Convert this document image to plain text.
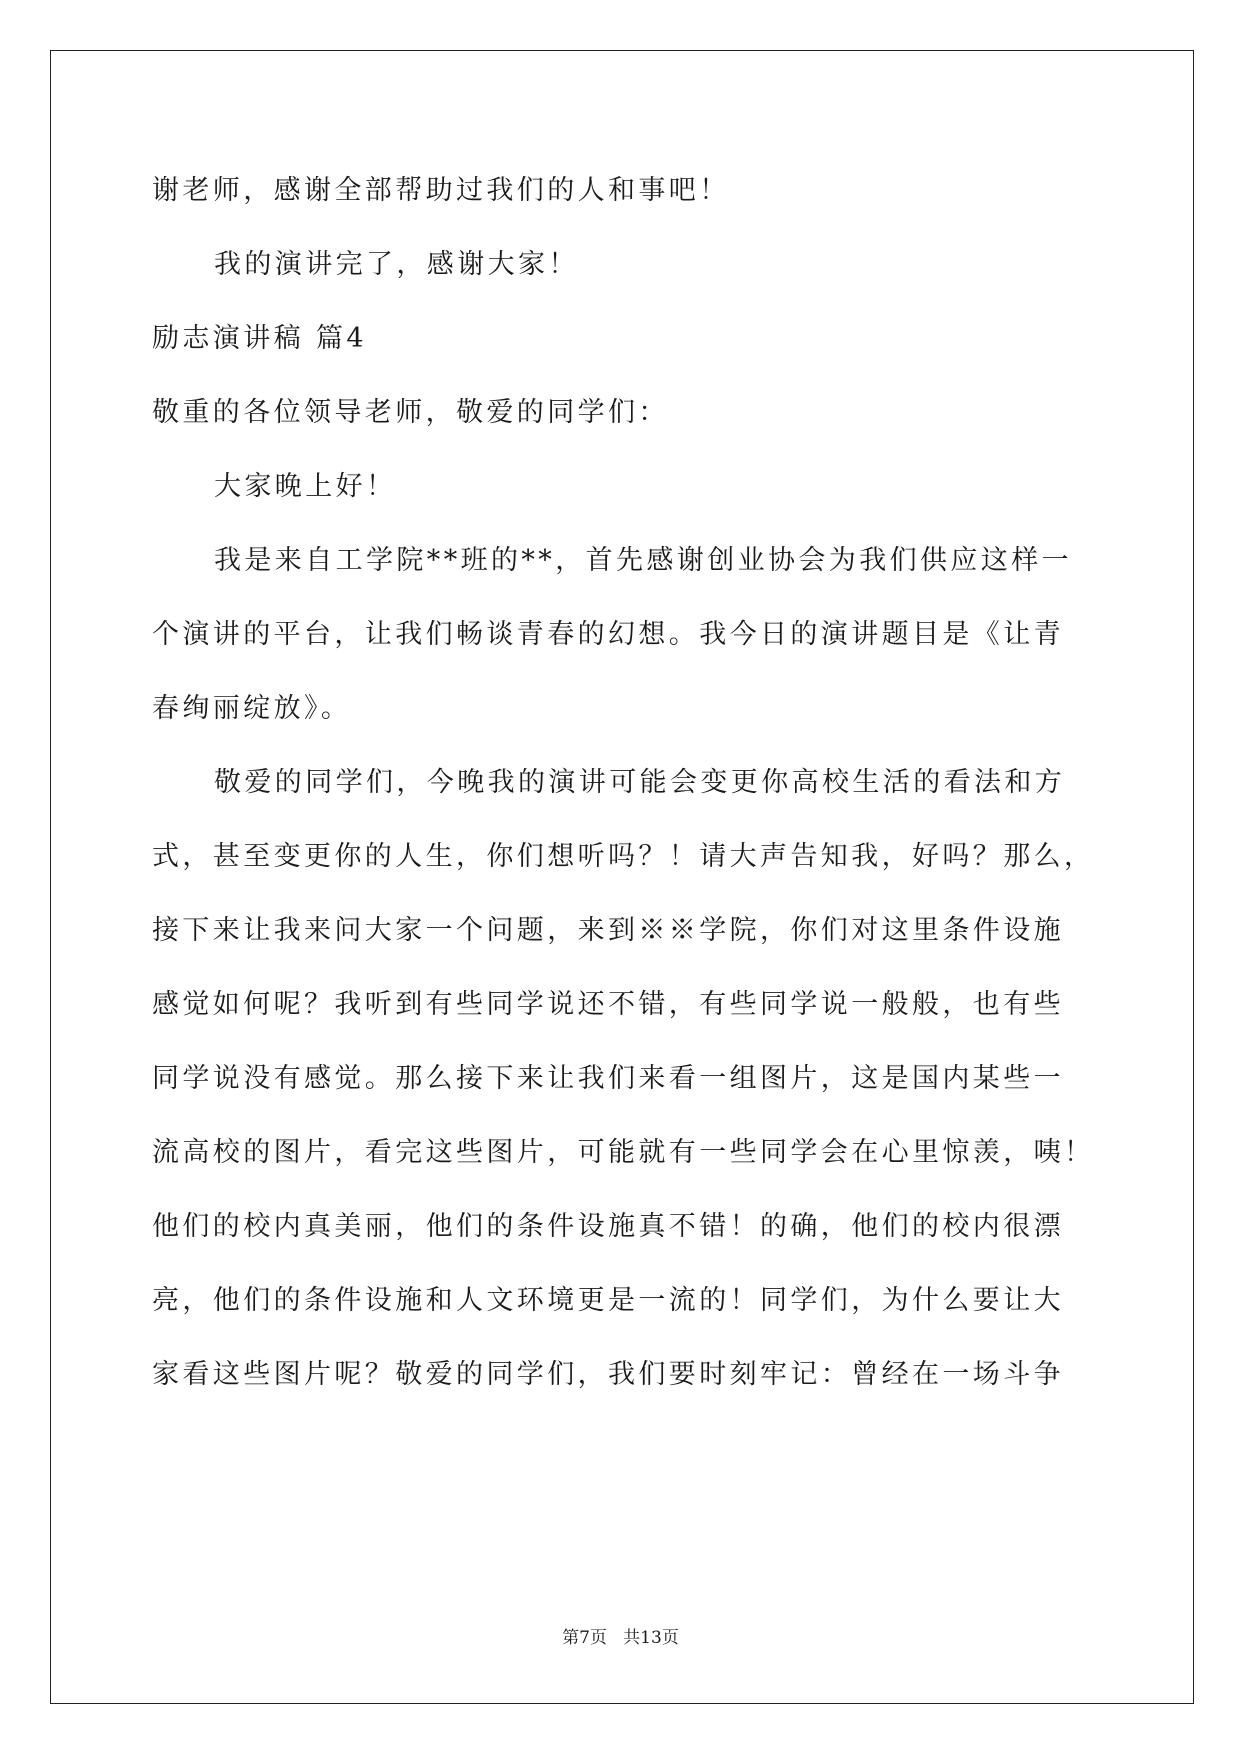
谢老师，感谢全部帮助过我们的人和事吧！
我的演讲完了，感谢大家！
励志演讲稿 篇4
敬重的各位领导老师，敬爱的同学们：
大家晚上好！
我是来自工学院**班的**，首先感谢创业协会为我们供应这样一
个演讲的平台，让我们畅谈青春的幻想。我今日的演讲题目是《让青
春绚丽绽放》。
敬爱的同学们，今晚我的演讲可能会变更你高校生活的看法和方
式，甚至变更你的人生，你们想听吗？！请大声告知我，好吗？那么，
接下来让我来问大家一个问题，来到※※学院，你们对这里条件设施
感觉如何呢？我听到有些同学说还不错，有些同学说一般般，也有些
同学说没有感觉。那么接下来让我们来看一组图片，这是国内某些一
流高校的图片，看完这些图片，可能就有一些同学会在心里惊羡，咦！
他们的校内真美丽，他们的条件设施真不错！的确，他们的校内很漂
亮，他们的条件设施和人文环境更是一流的！同学们，为什么要让大
家看这些图片呢？敬爱的同学们，我们要时刻牢记：曾经在一场斗争
第7页   共13页
